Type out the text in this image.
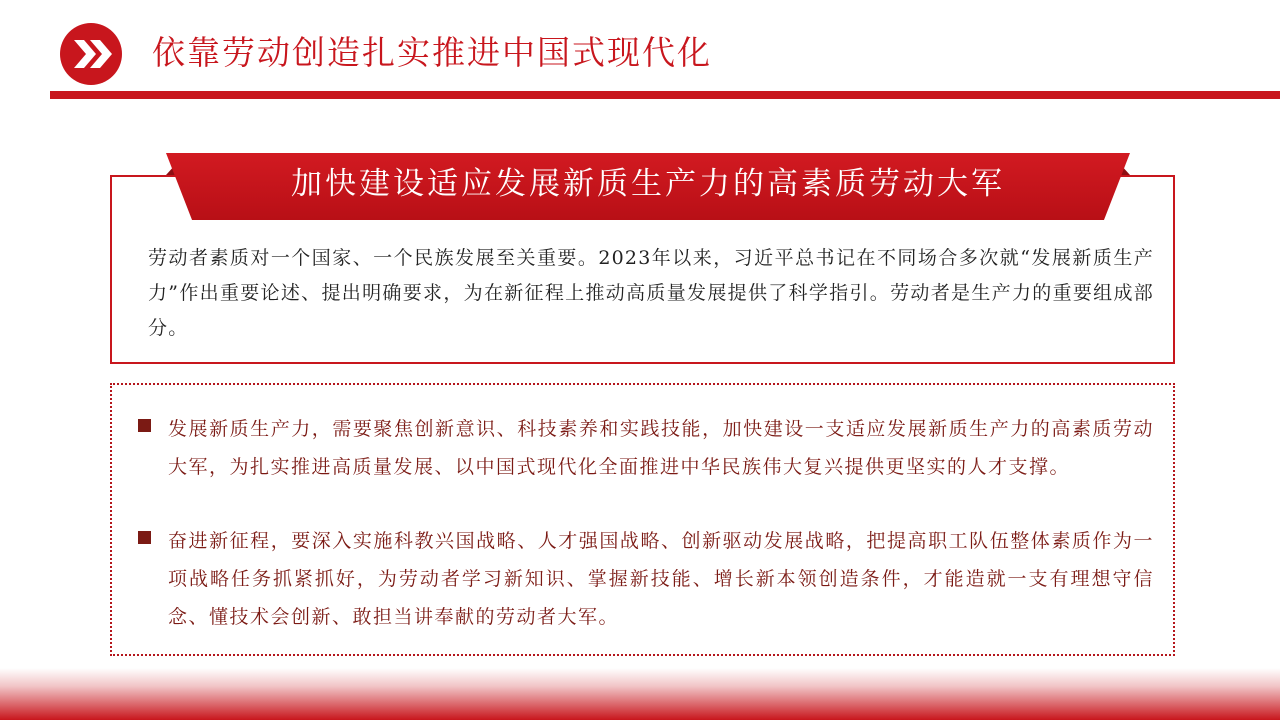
依靠劳动创造扎实推进中国式现代化
加快建设适应发展新质生产力的高素质劳动大军
劳动者素质对一个国家、一个民族发展至关重要。2023年以来，习近平总书记在不同场合多次就“发展新质生产力”作出重要论述、提出明确要求，为在新征程上推动高质量发展提供了科学指引。劳动者是生产力的重要组成部分。
发展新质生产力，需要聚焦创新意识、科技素养和实践技能，加快建设一支适应发展新质生产力的高素质劳动大军，为扎实推进高质量发展、以中国式现代化全面推进中华民族伟大复兴提供更坚实的人才支撑。
奋进新征程，要深入实施科教兴国战略、人才强国战略、创新驱动发展战略，把提高职工队伍整体素质作为一项战略任务抓紧抓好，为劳动者学习新知识、掌握新技能、增长新本领创造条件，才能造就一支有理想守信念、懂技术会创新、敢担当讲奉献的劳动者大军。
